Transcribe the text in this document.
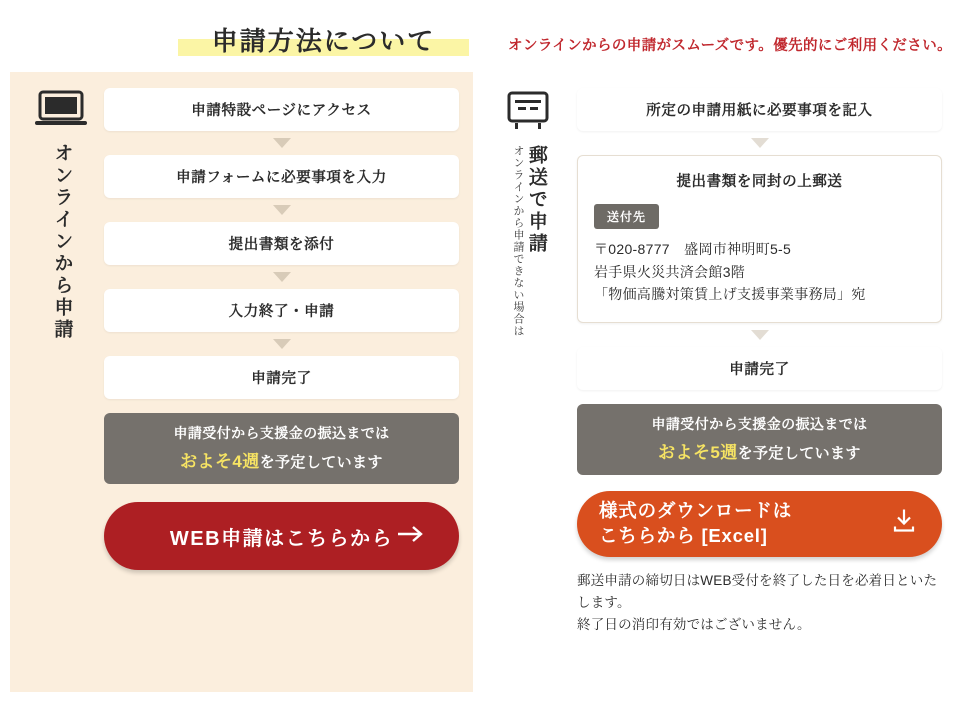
申請方法について	オンラインからの申請がスムーズです。優先的にご利用ください。
オンラインから申請
申請特設ページにアクセス
申請フォームに必要事項を入力
提出書類を添付
入力終了・申請
申請完了
申請受付から支援金の振込までは
およそ4週を予定しています
WEB申請はこちらから
郵送で申請
オンラインから申請できない場合は
所定の申請用紙に必要事項を記入
提出書類を同封の上郵送
送付先
〒020-8777　盛岡市神明町5-5
岩手県火災共済会館3階
「物価高騰対策賃上げ支援事業事務局」宛
申請完了
申請受付から支援金の振込までは
およそ5週を予定しています
様式のダウンロードは
こちらから [Excel]
郵送申請の締切日はWEB受付を終了した日を必着日といたします。
終了日の消印有効ではございません。
